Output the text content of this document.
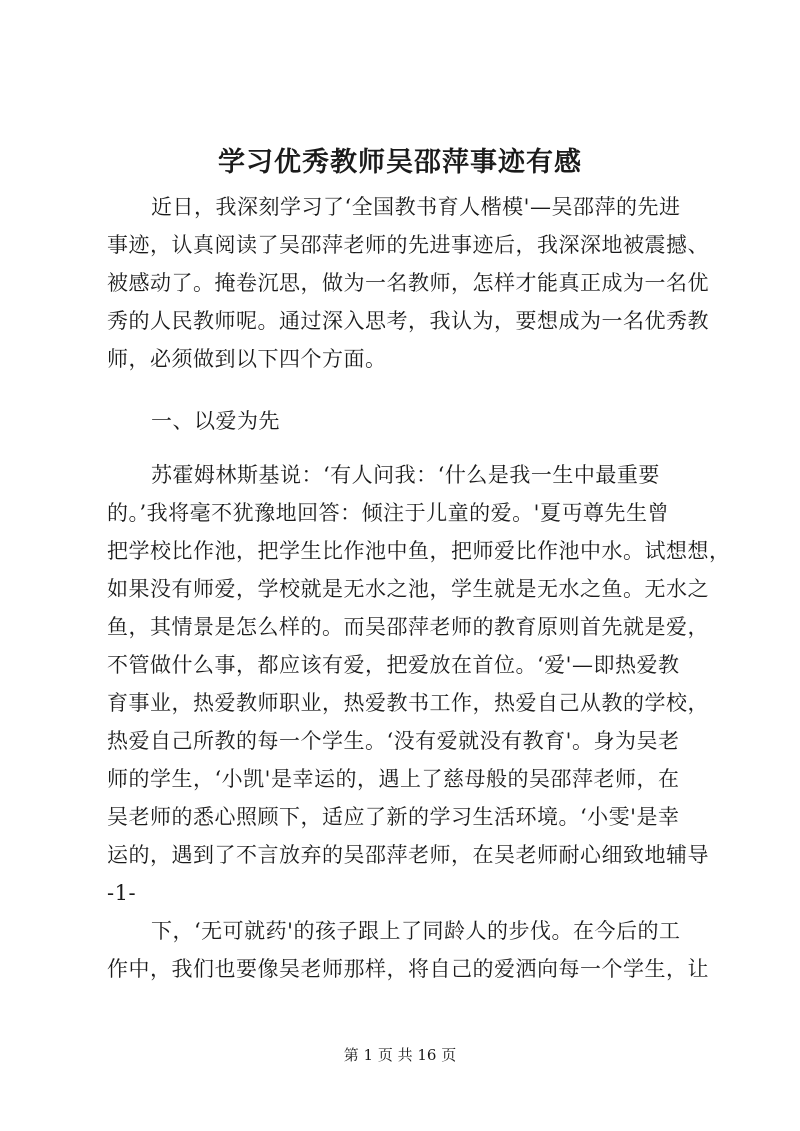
学习优秀教师吴邵萍事迹有感
近日，我深刻学习了‘全国教书育人楷模'—吴邵萍的先进
事迹，认真阅读了吴邵萍老师的先进事迹后，我深深地被震撼、
被感动了。掩卷沉思，做为一名教师，怎样才能真正成为一名优
秀的人民教师呢。通过深入思考，我认为，要想成为一名优秀教
师，必须做到以下四个方面。
一、以爱为先
苏霍姆林斯基说：‘有人问我：‘什么是我一生中最重要
的。’我将毫不犹豫地回答：倾注于儿童的爱。'夏丏尊先生曾
把学校比作池，把学生比作池中鱼，把师爱比作池中水。试想想，
如果没有师爱，学校就是无水之池，学生就是无水之鱼。无水之
鱼，其情景是怎么样的。而吴邵萍老师的教育原则首先就是爱，
不管做什么事，都应该有爱，把爱放在首位。‘爱'—即热爱教
育事业，热爱教师职业，热爱教书工作，热爱自己从教的学校，
热爱自己所教的每一个学生。‘没有爱就没有教育'。身为吴老
师的学生，‘小凯'是幸运的，遇上了慈母般的吴邵萍老师，在
吴老师的悉心照顾下，适应了新的学习生活环境。‘小雯'是幸
运的，遇到了不言放弃的吴邵萍老师，在吴老师耐心细致地辅导
-1-
下，‘无可就药'的孩子跟上了同龄人的步伐。在今后的工
作中，我们也要像吴老师那样，将自己的爱洒向每一个学生，让
第 1 页 共 16 页
